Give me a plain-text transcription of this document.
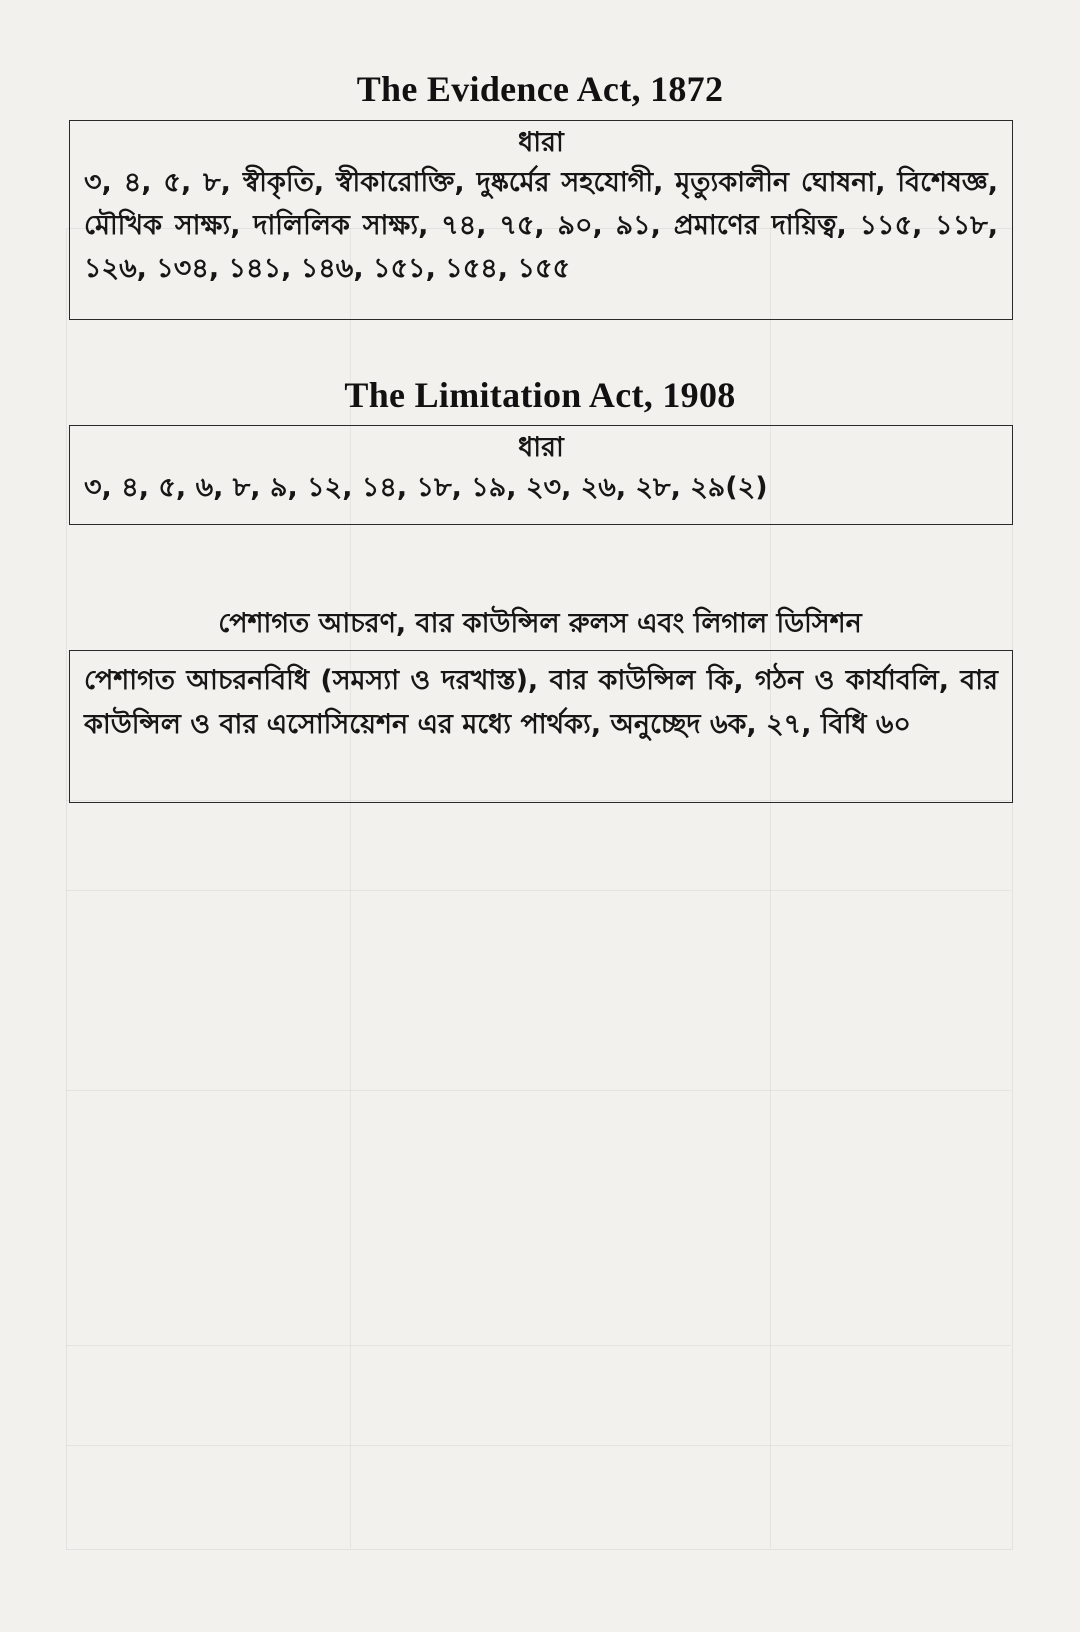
The Evidence Act, 1872
ধারা
৩, ৪, ৫, ৮, স্বীকৃতি, স্বীকারোক্তি, দুষ্কর্মের সহযোগী, মৃত্যুকালীন ঘোষনা, বিশেষজ্ঞ, মৌখিক সাক্ষ্য, দালিলিক সাক্ষ্য, ৭৪, ৭৫, ৯০, ৯১, প্রমাণের দায়িত্ব, ১১৫, ১১৮, ১২৬, ১৩৪, ১৪১, ১৪৬, ১৫১, ১৫৪, ১৫৫
The Limitation Act, 1908
ধারা
৩, ৪, ৫, ৬, ৮, ৯, ১২, ১৪, ১৮, ১৯, ২৩, ২৬, ২৮, ২৯(২)
পেশাগত আচরণ, বার কাউন্সিল রুলস এবং লিগাল ডিসিশন
পেশাগত আচরনবিধি (সমস্যা ও দরখাস্ত), বার কাউন্সিল কি, গঠন ও কার্যাবলি, বার কাউন্সিল ও বার এসোসিয়েশন এর মধ্যে পার্থক্য, অনুচ্ছেদ ৬ক, ২৭, বিধি ৬০
